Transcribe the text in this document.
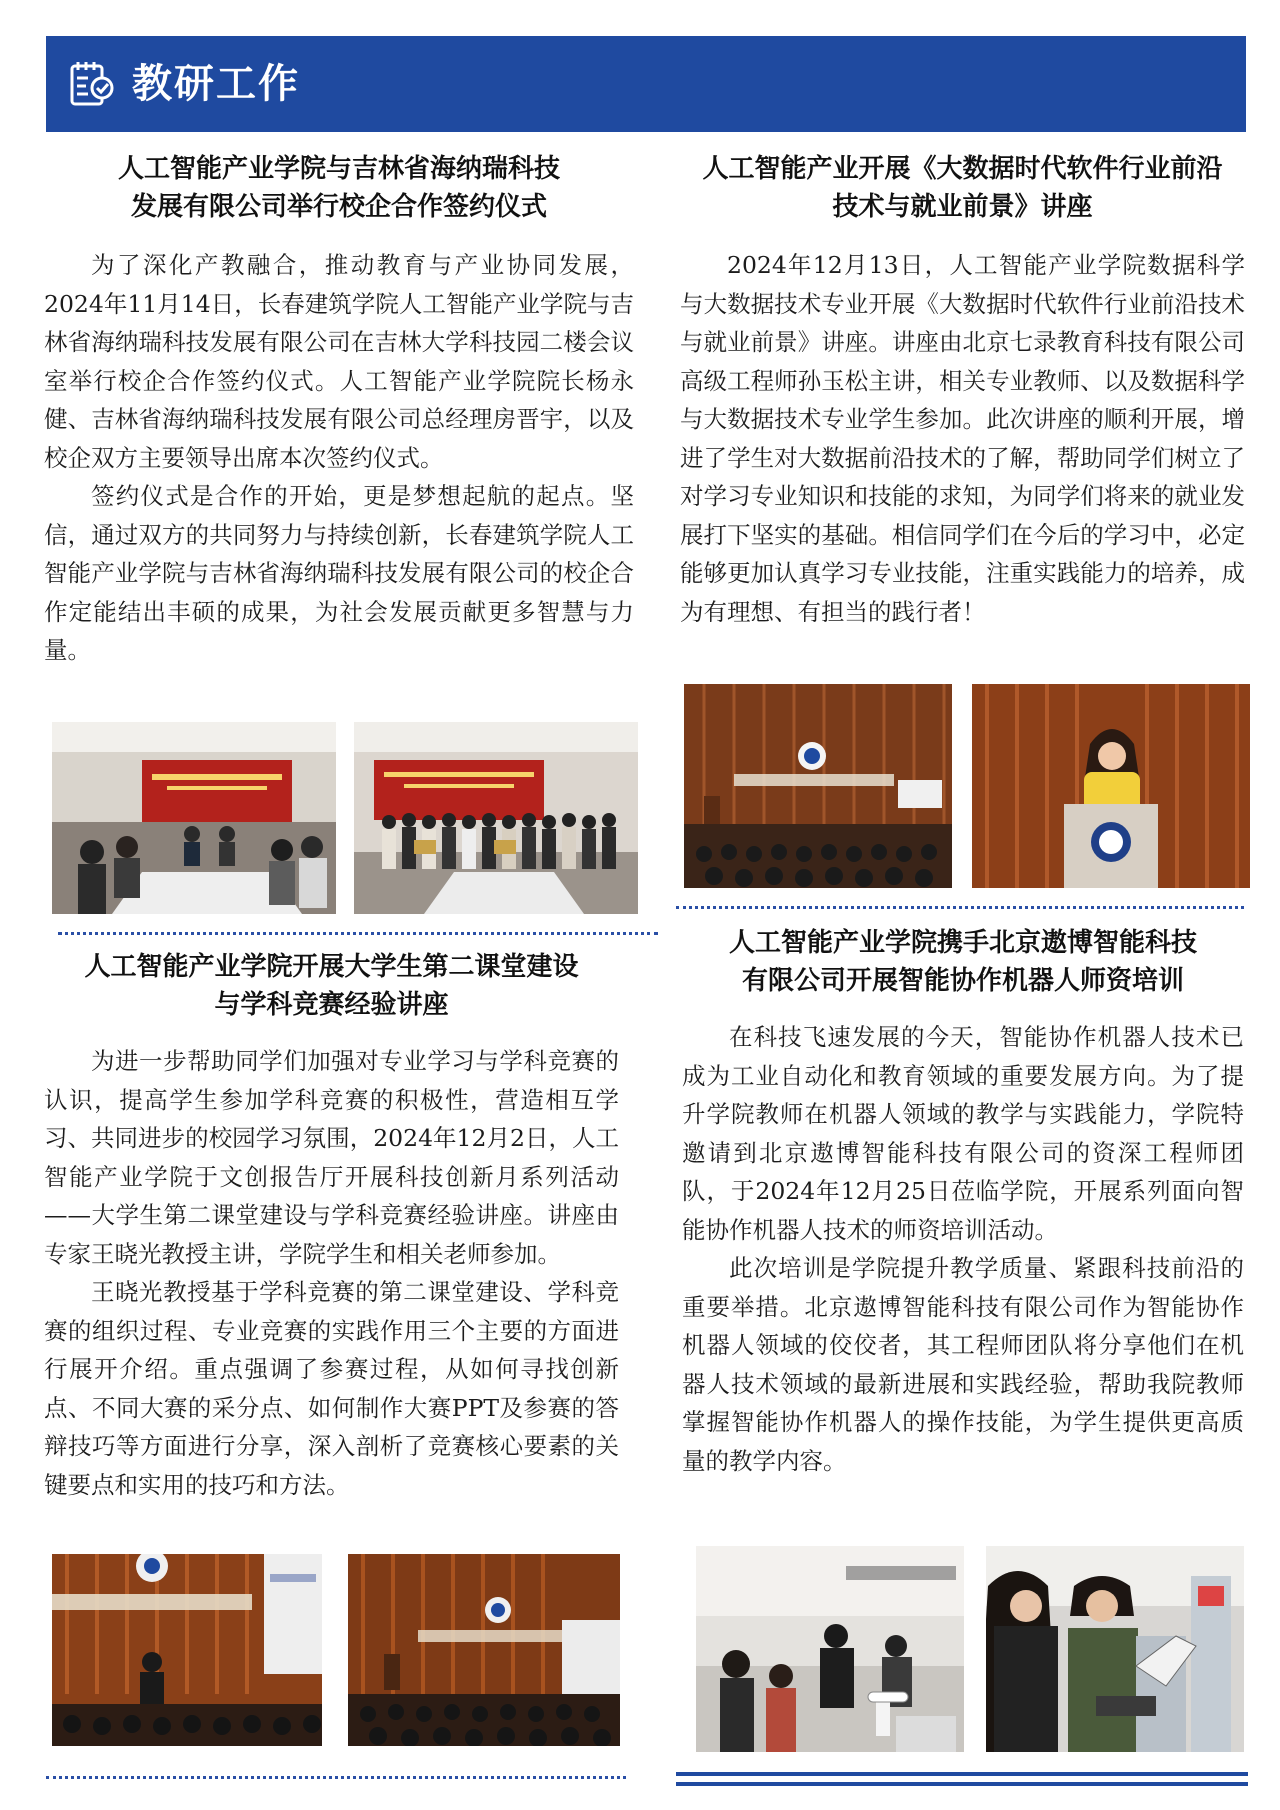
教研工作
人工智能产业学院与吉林省海纳瑞科技
发展有限公司举行校企合作签约仪式

为了深化产教融合，推动教育与产业协同发展，2024年11月14日，长春建筑学院人工智能产业学院与吉林省海纳瑞科技发展有限公司在吉林大学科技园二楼会议室举行校企合作签约仪式。人工智能产业学院院长杨永健、吉林省海纳瑞科技发展有限公司总经理房晋宇，以及校企双方主要领导出席本次签约仪式。

签约仪式是合作的开始，更是梦想起航的起点。坚信，通过双方的共同努力与持续创新，长春建筑学院人工智能产业学院与吉林省海纳瑞科技发展有限公司的校企合作定能结出丰硕的成果，为社会发展贡献更多智慧与力量。

人工智能产业开展《大数据时代软件行业前沿
技术与就业前景》讲座

2024年12月13日，人工智能产业学院数据科学与大数据技术专业开展《大数据时代软件行业前沿技术与就业前景》讲座。讲座由北京七录教育科技有限公司高级工程师孙玉松主讲，相关专业教师、以及数据科学与大数据技术专业学生参加。此次讲座的顺利开展，增进了学生对大数据前沿技术的了解，帮助同学们树立了对学习专业知识和技能的求知，为同学们将来的就业发展打下坚实的基础。相信同学们在今后的学习中，必定能够更加认真学习专业技能，注重实践能力的培养，成为有理想、有担当的践行者！

人工智能产业学院开展大学生第二课堂建设
与学科竞赛经验讲座

为进一步帮助同学们加强对专业学习与学科竞赛的 认识，提高学生参加学科竞赛的积极性，营造相互学习、共同进步的校园学习氛围，2024年12月2日，人工智能产业学院于文创报告厅开展科技创新月系列活动——大学生第二课堂建设与学科竞赛经验讲座。讲座由专家王晓光教授主讲，学院学生和相关老师参加。

王晓光教授基于学科竞赛的第二课堂建设、学科竞赛的组织过程、专业竞赛的实践作用三个主要的方面进行展开介绍。重点强调了参赛过程，从如何寻找创新点、不同大赛的采分点、如何制作大赛PPT及参赛的答辩技巧等方面进行分享，深入剖析了竞赛核心要素的关键要点和实用的技巧和方法。

人工智能产业学院携手北京遨博智能科技
有限公司开展智能协作机器人师资培训

在科技飞速发展的今天，智能协作机器人技术已成为工业自动化和教育领域的重要发展方向。为了提升学院教师在机器人领域的教学与实践能力，学院特邀请到北京遨博智能科技有限公司的资深工程师团队，于2024年12月25日莅临学院，开展系列面向智能协作机器人技术的师资培训活动。

此次培训是学院提升教学质量、紧跟科技前沿的重要举措。北京遨博智能科技有限公司作为智能协作机器人领域的佼佼者，其工程师团队将分享他们在机器人技术领域的最新进展和实践经验，帮助我院教师掌握智能协作机器人的操作技能，为学生提供更高质量的教学内容。
